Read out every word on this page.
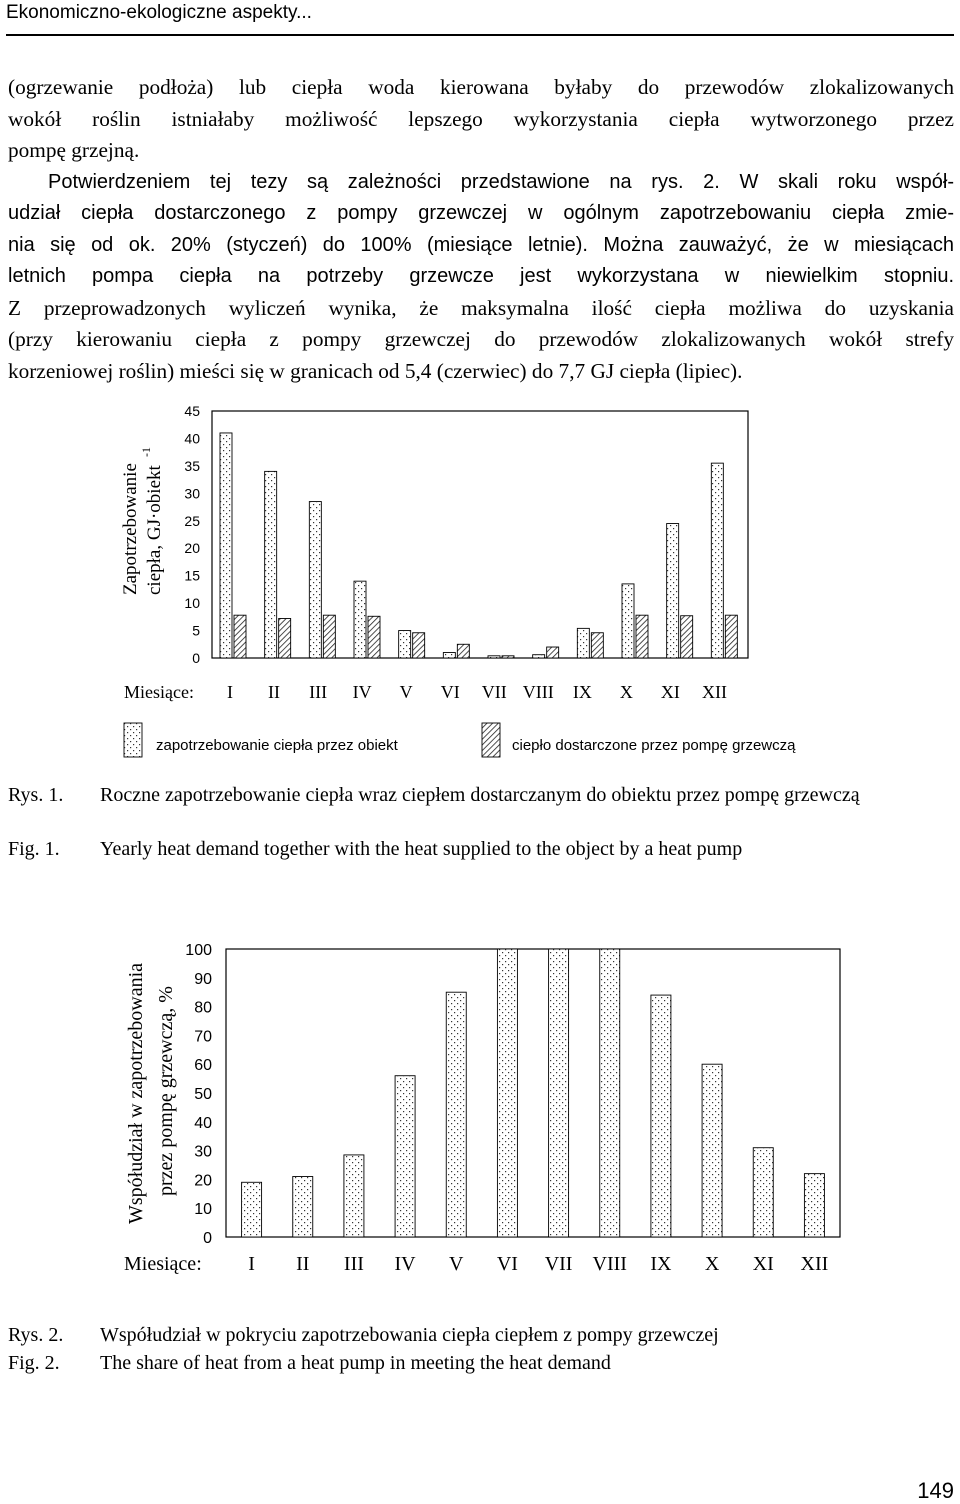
Ekonomiczno-ekologiczne aspekty...
(ogrzewanie podłoża) lub ciepła woda kierowana byłaby do przewodów zlokalizowanych
wokół roślin istniałaby możliwość lepszego wykorzystania ciepła wytworzonego przez
pompę grzejną.
Potwierdzeniem tej tezy są zależności przedstawione na rys. 2. W skali roku współ-
udział ciepła dostarczonego z pompy grzewczej w ogólnym zapotrzebowaniu ciepła zmie-
nia się od ok. 20% (styczeń) do 100% (miesiące letnie). Można zauważyć, że w miesiącach
letnich pompa ciepła na potrzeby grzewcze jest wykorzystana w niewielkim stopniu.
Z przeprowadzonych wyliczeń wynika, że maksymalna ilość ciepła możliwa do uzyskania
(przy kierowaniu ciepła z pompy grzewczej do przewodów zlokalizowanych wokół strefy
korzeniowej roślin) mieści się w granicach od 5,4 (czerwiec) do 7,7 GJ ciepła (lipiec).
0
5
10
15
20
25
30
35
40
45
I II III IV V VI VII VIII IX X XI XII
Miesiące:
Zapotrzebowanie ciepła, GJ·obiekt
-1
zapotrzebowanie ciepła przez obiekt	ciepło dostarczone przez pompę grzewczą
Rys. 1. Roczne zapotrzebowanie ciepła wraz ciepłem dostarczanym do obiektu przez pompę grzewczą
Fig. 1. Yearly heat demand together with the heat supplied to the object by a heat pump
0
10
20
30
40
50
60
70
80
90
100
I II III IV V VI VII VIII IX X XI XII
Miesiące:
Współudział w zapotrzebowania przez pompę grzewczą, %
Rys. 2. Współudział w pokryciu zapotrzebowania ciepła ciepłem z pompy grzewczej
Fig. 2. The share of heat from a heat pump in meeting the heat demand
149
